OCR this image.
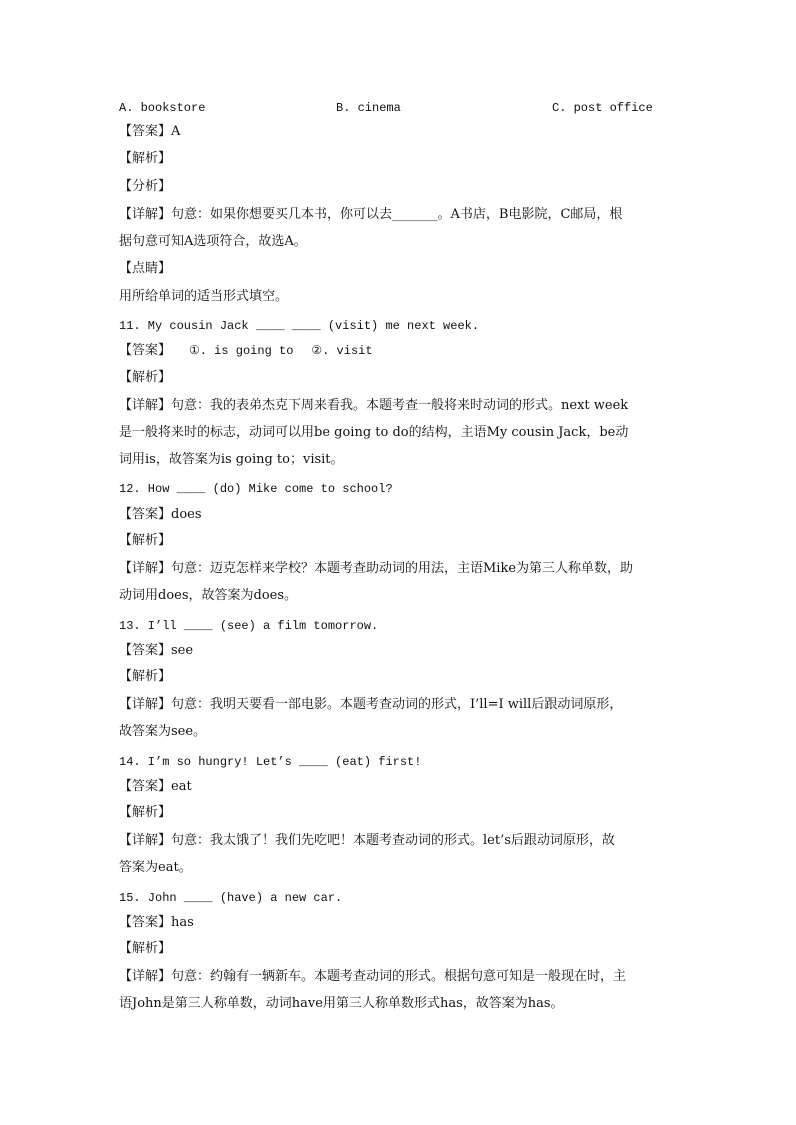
A. bookstore	B. cinema	C. post office
【答案】A
【解析】
【分析】
【详解】句意：如果你想要买几本书，你可以去_______。A书店，B电影院，C邮局，根
据句意可知A选项符合，故选A。
【点睛】
用所给单词的适当形式填空。
11. My cousin Jack ____ ____ (visit) me next week.
【答案】 ①. is going to ②. visit
【解析】
【详解】句意：我的表弟杰克下周来看我。本题考查一般将来时动词的形式。next week
是一般将来时的标志，动词可以用be going to do的结构，主语My cousin Jack，be动
词用is，故答案为is going to；visit。
12. How ____ (do) Mike come to school?
【答案】does
【解析】
【详解】句意：迈克怎样来学校？本题考查助动词的用法，主语Mike为第三人称单数，助
动词用does，故答案为does。
13. I’ll ____ (see) a film tomorrow.
【答案】see
【解析】
【详解】句意：我明天要看一部电影。本题考查动词的形式，I’ll=I will后跟动词原形，
故答案为see。
14. I’m so hungry! Let’s ____ (eat) first!
【答案】eat
【解析】
【详解】句意：我太饿了！我们先吃吧！本题考查动词的形式。let’s后跟动词原形，故
答案为eat。
15. John ____ (have) a new car.
【答案】has
【解析】
【详解】句意：约翰有一辆新车。本题考查动词的形式。根据句意可知是一般现在时，主
语John是第三人称单数，动词have用第三人称单数形式has，故答案为has。
